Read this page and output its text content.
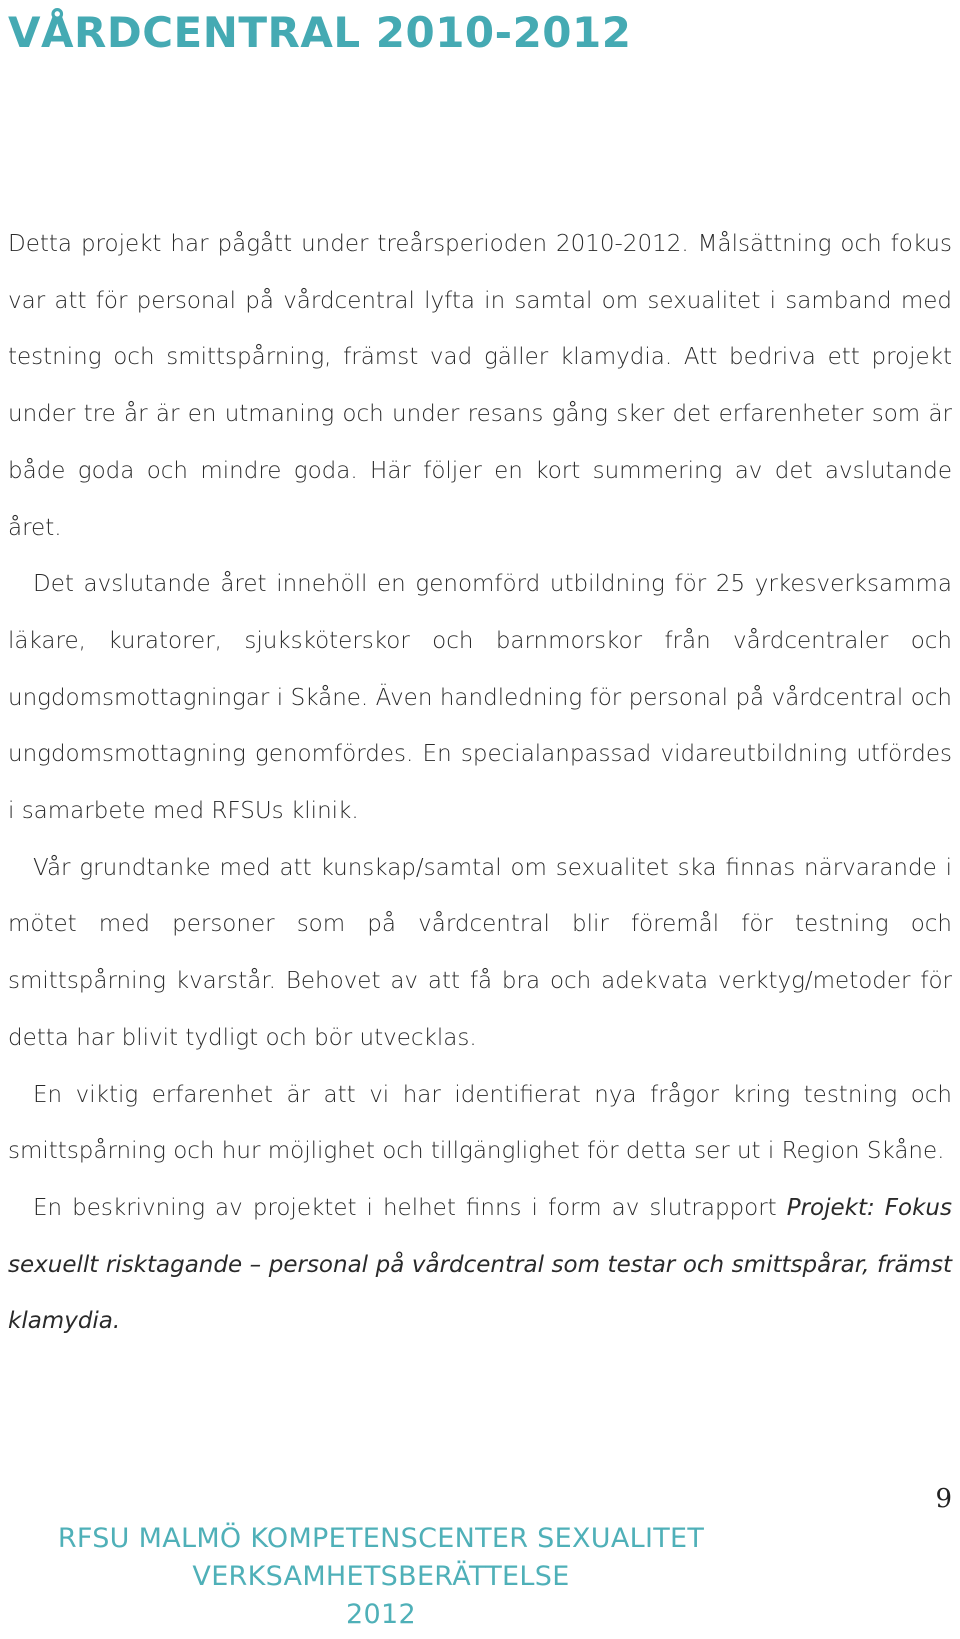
VÅRDCENTRAL 2010-2012

Detta projekt har pågått under treårsperioden 2010-2012. Målsättning och fokus var att för personal på vårdcentral lyfta in samtal om sexualitet i samband med testning och smittspårning, främst vad gäller klamydia. Att bedriva ett projekt under tre år är en utmaning och under resans gång sker det erfarenheter som är både goda och mindre goda. Här följer en kort summering av det avslutande året.

Det avslutande året innehöll en genomförd utbildning för 25 yrkesverksamma läkare, kuratorer, sjuksköterskor och barnmorskor från vårdcentraler och ungdomsmottagningar i Skåne. Även handledning för personal på vårdcentral och ungdomsmottagning genomfördes. En specialanpassad vidareutbildning utfördes i samarbete med RFSUs klinik.

Vår grundtanke med att kunskap/samtal om sexualitet ska finnas närvarande i mötet med personer som på vårdcentral blir föremål för testning och smittspårning kvarstår. Behovet av att få bra och adekvata verktyg/metoder för detta har blivit tydligt och bör utvecklas.

En viktig erfarenhet är att vi har identifierat nya frågor kring testning och smittspårning och hur möjlighet och tillgänglighet för detta ser ut i Region Skåne.

En beskrivning av projektet i helhet finns i form av slutrapport Projekt: Fokus sexuellt risktagande – personal på vårdcentral som testar och smittspårar, främst klamydia.

9
RFSU MALMÖ KOMPETENSCENTER SEXUALITET
VERKSAMHETSBERÄTTELSE
2012
